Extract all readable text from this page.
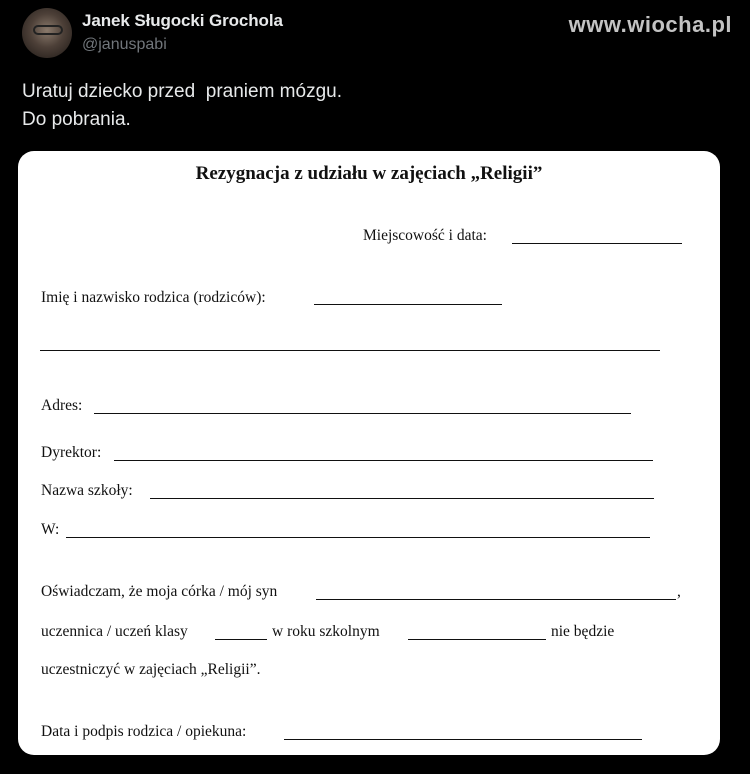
Janek Sługocki Grochola
@januspabi
www.wiocha.pl
Uratuj dziecko przed  praniem mózgu.
Do pobrania.
Rezygnacja z udziału w zajęciach „Religii”
Miejscowość i data:
Imię i nazwisko rodzica (rodziców):
Adres:
Dyrektor:
Nazwa szkoły:
W:
Oświadczam, że moja córka / mój syn	,
uczennica / uczeń klasy	w roku szkolnym	nie będzie
uczestniczyć w zajęciach „Religii”.
Data i podpis rodzica / opiekuna:
